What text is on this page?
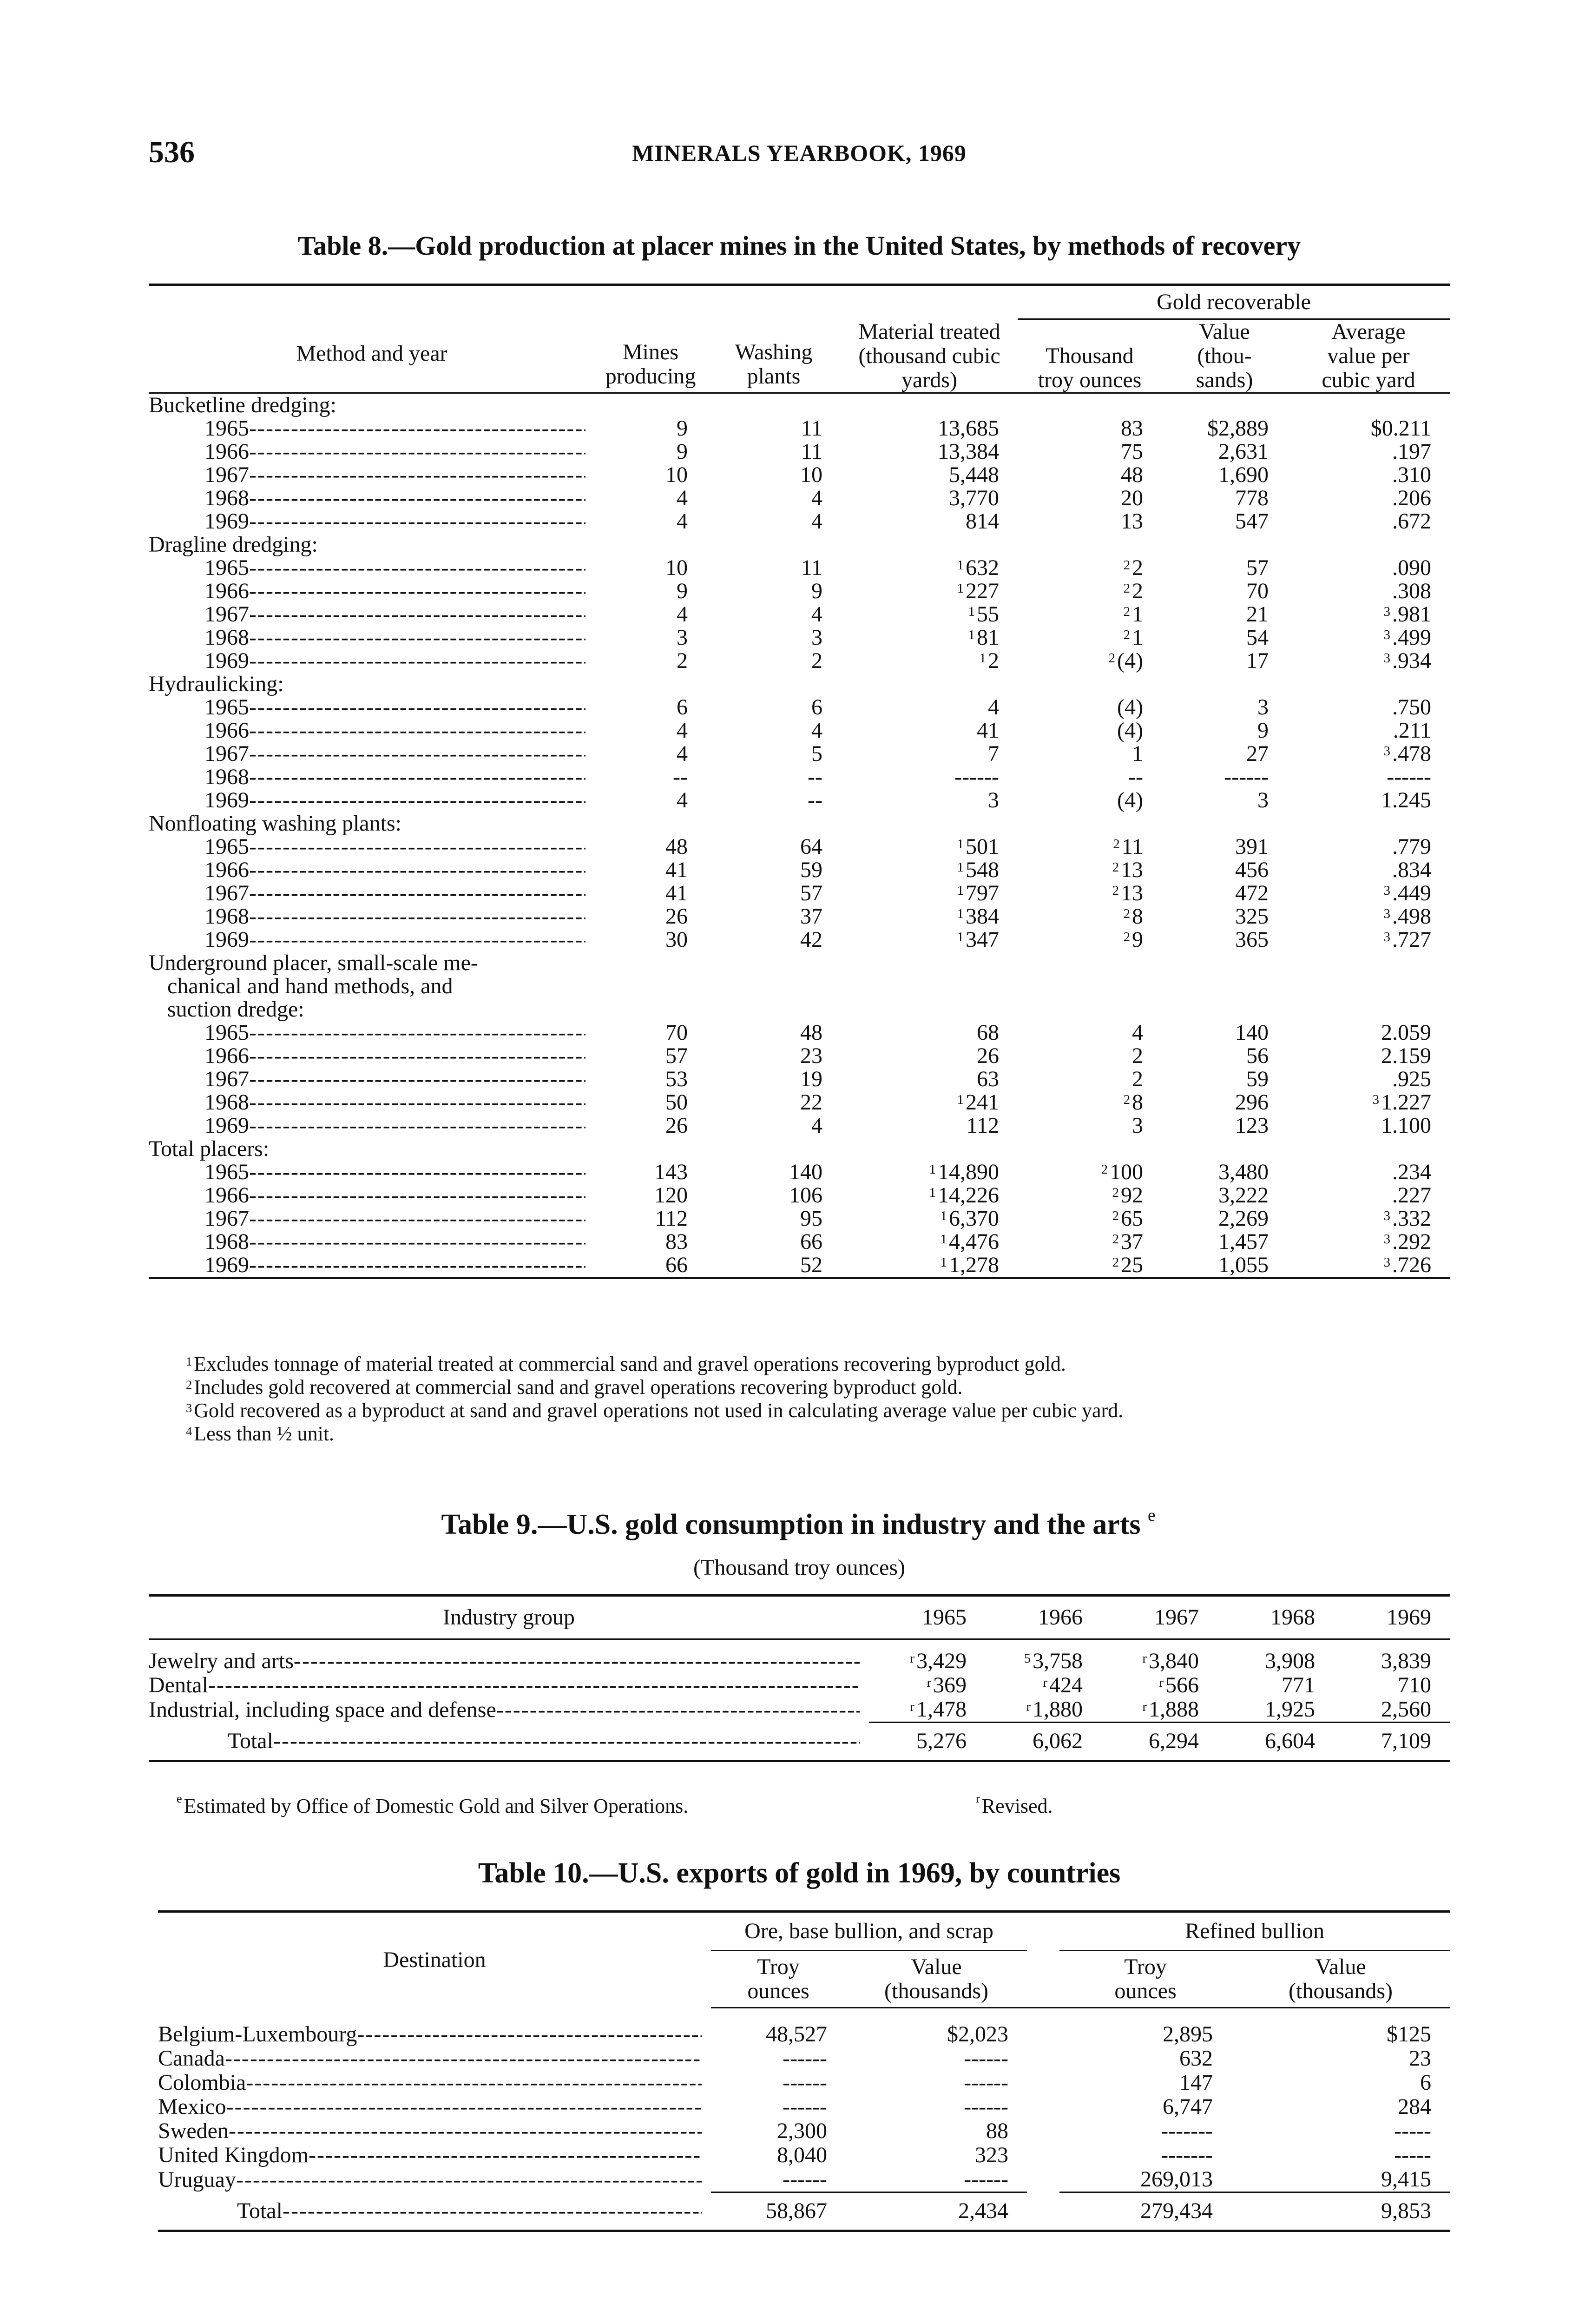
536	MINERALS YEARBOOK, 1969
Table 8.—Gold production at placer mines in the United States, by methods of recovery
				Gold recoverable		
Method and year	Mines producing	Washing plants	Material treated (thousand cubic yards)	Thousand troy ounces	Value (thou-sands)	Average value per cubic yard
Bucketline dredging:						

1965
-----	9	11	13,685	83	$2,889	$0.211

1966
-----	9	11	13,384	75	2,631	.197

1967
-----	10	10	5,448	48	1,690	.310

1968
-----	4	4	3,770	20	778	.206

1969
-----	4	4	814	13	547	.672
Dragline dredging:						

1965
-----	10	11	$^1$632	$^2$2	57	.090

1966
-----	9	9	$^1$227	$^2$2	70	.308

1967
-----	4	4	$^1$55	$^2$1	21	$^3$.981

1968
-----	3	3	$^1$81	$^2$1	54	$^3$.499

1969
-----	2	2	$^1$2	$^2$(4)	17	$^3$.934
Hydraulicking:						

1965
-----	6	6	4	(4)	3	.750

1966
-----	4	4	41	(4)	9	.211

1967
-----	4	5	7	1	27	$^3$.478

1968
-----	--	--	------	--	------	------

1969
-----	4	--	3	(4)	3	1.245
Nonfloating washing plants:						

1965
-----	48	64	$^1$501	$^2$11	391	.779

1966
-----	41	59	$^1$548	$^2$13	456	.834

1967
-----	41	57	$^1$797	$^2$13	472	$^3$.449

1968
-----	26	37	$^1$384	$^2$8	325	$^3$.498

1969
-----	30	42	$^1$347	$^2$9	365	$^3$.727
Underground placer, small-scale me-						
chanical and hand methods, and						
suction dredge:						

1965
-----	70	48	68	4	140	2.059

1966
-----	57	23	26	2	56	2.159

1967
-----	53	19	63	2	59	.925

1968
-----	50	22	$^1$241	$^2$8	296	$^3$1.227

1969
-----	26	4	112	3	123	1.100
Total placers:						

1965
-----	143	140	$^1$14,890	$^2$100	3,480	.234

1966
-----	120	106	$^1$14,226	$^2$92	3,222	.227

1967
-----	112	95	$^1$6,370	$^2$65	2,269	$^3$.332

1968
-----	83	66	$^1$4,476	$^2$37	1,457	$^3$.292

1969
-----	66	52	$^1$1,278	$^2$25	1,055	$^3$.726
$^1$Excludes tonnage of material treated at commercial sand and gravel operations recovering byproduct gold.
$^2$Includes gold recovered at commercial sand and gravel operations recovering byproduct gold.
$^3$Gold recovered as a byproduct at sand and gravel operations not used in calculating average value per cubic yard.
$^4$Less than ½ unit.
Table 9.—U.S. gold consumption in industry and the arts $^e$
(Thousand troy ounces)
Industry group	1965	1966	1967	1968	1969

Jewelry and arts
-----	$^r$3,429	$^5$3,758	$^r$3,840	3,908	3,839

Dental
-----	$^r$369	$^r$424	$^r$566	771	710

Industrial, including space and defense
-----	$^r$1,478	$^r$1,880	$^r$1,888	1,925	2,560

Total
-----	5,276	6,062	6,294	6,604	7,109
$^e$Estimated by Office of Domestic Gold and Silver Operations.	$^r$Revised.
Table 10.—U.S. exports of gold in 1969, by countries
Destination	Ore, base bullion, and scrap			Refined bullion	
	Troy ounces	Value (thousands)		Troy ounces	Value (thousands)

Belgium-Luxembourg
-----	48,527	$2,023		2,895	$125

Canada
-----	------	------		632	23

Colombia
-----	------	------		147	6

Mexico
-----	------	------		6,747	284

Sweden
-----	2,300	88		-------	-----

United Kingdom
-----	8,040	323		-------	-----

Uruguay
-----	------	------		269,013	9,415

Total
-----	58,867	2,434		279,434	9,853
